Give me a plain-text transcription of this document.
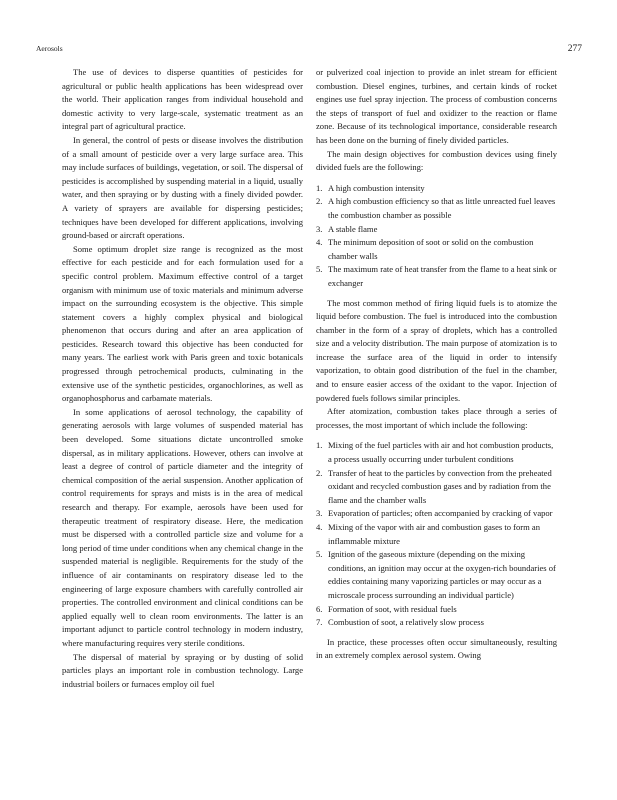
Aerosols	277

The use of devices to disperse quantities of pesticides for agricultural or public health applications has been widespread over the world. Their application ranges from individual household and domestic activity to very large-scale, systematic treatment as an integral part of agricultural practice.

In general, the control of pests or disease involves the distribution of a small amount of pesticide over a very large surface area. This may include surfaces of buildings, vegetation, or soil. The dispersal of pesticides is accomplished by suspending material in a liquid, usually water, and then spraying or by dusting with a finely divided powder. A variety of sprayers are available for dispersing pesticides; techniques have been developed for different applications, involving ground-based or aircraft operations.

Some optimum droplet size range is recognized as the most effective for each pesticide and for each formulation used for a specific control problem. Maximum effective control of a target organism with minimum use of toxic materials and minimum adverse impact on the surrounding ecosystem is the objective. This simple statement covers a highly complex physical and biological phenomenon that occurs during and after an area application of pesticides. Research toward this objective has been conducted for many years. The earliest work with Paris green and toxic botanicals progressed through petrochemical products, culminating in the extensive use of the synthetic pesticides, organochlorines, as well as organophosphorus and carbamate materials.

In some applications of aerosol technology, the capability of generating aerosols with large volumes of suspended material has been developed. Some situations dictate uncontrolled smoke dispersal, as in military applications. However, others can involve at least a degree of control of particle diameter and the integrity of chemical composition of the aerial suspension. Another application of control requirements for sprays and mists is in the area of medical research and therapy. For example, aerosols have been used for therapeutic treatment of respiratory disease. Here, the medication must be dispersed with a controlled particle size and volume for a long period of time under conditions when any chemical change in the suspended material is negligible. Requirements for the study of the influence of air contaminants on respiratory disease led to the engineering of large exposure chambers with carefully controlled air properties. The controlled environment and clinical conditions can be applied equally well to clean room environments. The latter is an important adjunct to particle control technology in modern industry, where manufacturing requires very sterile conditions.

The dispersal of material by spraying or by dusting of solid particles plays an important role in combustion technology. Large industrial boilers or furnaces employ oil fuel

or pulverized coal injection to provide an inlet stream for efficient combustion. Diesel engines, turbines, and certain kinds of rocket engines use fuel spray injection. The process of combustion concerns the steps of transport of fuel and oxidizer to the reaction or flame zone. Because of its technological importance, considerable research has been done on the burning of finely divided particles.

The main design objectives for combustion devices using finely divided fuels are the following:

1. A high combustion intensity
2. A high combustion efficiency so that as little unreacted fuel leaves the combustion chamber as possible
3. A stable flame
4. The minimum deposition of soot or solid on the combustion chamber walls
5. The maximum rate of heat transfer from the flame to a heat sink or exchanger

The most common method of firing liquid fuels is to atomize the liquid before combustion. The fuel is introduced into the combustion chamber in the form of a spray of droplets, which has a controlled size and a velocity distribution. The main purpose of atomization is to increase the surface area of the liquid in order to intensify vaporization, to obtain good distribution of the fuel in the chamber, and to ensure easier access of the oxidant to the vapor. Injection of powdered fuels follows similar principles.

After atomization, combustion takes place through a series of processes, the most important of which include the following:

1. Mixing of the fuel particles with air and hot combustion products, a process usually occurring under turbulent conditions
2. Transfer of heat to the particles by convection from the preheated oxidant and recycled combustion gases and by radiation from the flame and the chamber walls
3. Evaporation of particles; often accompanied by cracking of vapor
4. Mixing of the vapor with air and combustion gases to form an inflammable mixture
5. Ignition of the gaseous mixture (depending on the mixing conditions, an ignition may occur at the oxygen-rich boundaries of eddies containing many vaporizing particles or may occur as a microscale process surrounding an individual particle)
6. Formation of soot, with residual fuels
7. Combustion of soot, a relatively slow process

In practice, these processes often occur simultaneously, resulting in an extremely complex aerosol system. Owing
